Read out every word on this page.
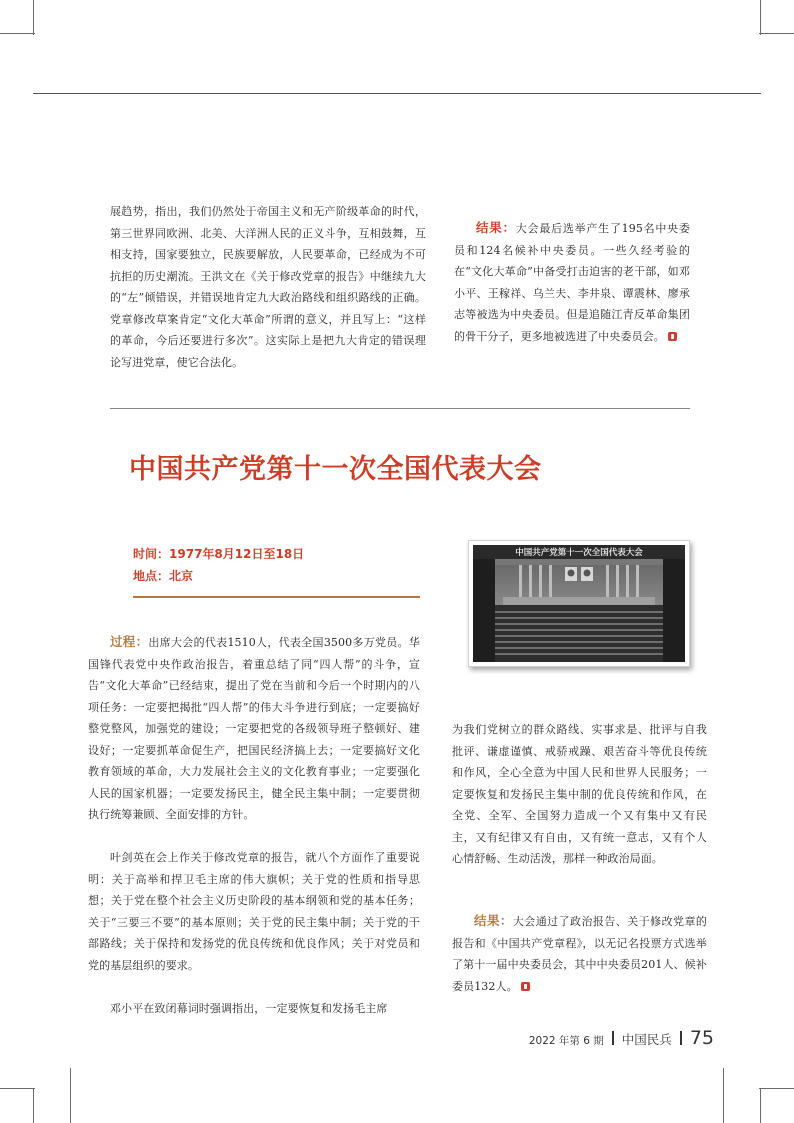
展趋势，指出，我们仍然处于帝国主义和无产阶级革命的时代，第三世界同欧洲、北美、大洋洲人民的正义斗争，互相鼓舞，互相支持，国家要独立，民族要解放，人民要革命，已经成为不可抗拒的历史潮流。王洪文在《关于修改党章的报告》中继续九大的“左”倾错误，并错误地肯定九大政治路线和组织路线的正确。党章修改草案肯定“文化大革命”所谓的意义，并且写上：“这样的革命，今后还要进行多次”。这实际上是把九大肯定的错误理论写进党章，使它合法化。

结果：大会最后选举产生了195名中央委员和124名候补中央委员。一些久经考验的在“文化大革命”中备受打击迫害的老干部，如邓小平、王稼祥、乌兰夫、李井泉、谭震林、廖承志等被选为中央委员。但是追随江青反革命集团的骨干分子，更多地被选进了中央委员会。

中国共产党第十一次全国代表大会
时间：1977年8月12日至18日
地点：北京
中国共产党第十一次全国代表大会

过程：出席大会的代表1510人，代表全国3500多万党员。华国锋代表党中央作政治报告，着重总结了同“四人帮”的斗争，宣告“文化大革命”已经结束，提出了党在当前和今后一个时期内的八项任务：一定要把揭批“四人帮”的伟大斗争进行到底；一定要搞好整党整风，加强党的建设；一定要把党的各级领导班子整顿好、建设好；一定要抓革命促生产，把国民经济搞上去；一定要搞好文化教育领域的革命，大力发展社会主义的文化教育事业；一定要强化人民的国家机器；一定要发扬民主，健全民主集中制；一定要贯彻执行统筹兼顾、全面安排的方针。

叶剑英在会上作关于修改党章的报告，就八个方面作了重要说明：关于高举和捍卫毛主席的伟大旗帜；关于党的性质和指导思想；关于党在整个社会主义历史阶段的基本纲领和党的基本任务；关于“三要三不要”的基本原则；关于党的民主集中制；关于党的干部路线；关于保持和发扬党的优良传统和优良作风；关于对党员和党的基层组织的要求。

邓小平在致闭幕词时强调指出，一定要恢复和发扬毛主席

为我们党树立的群众路线、实事求是、批评与自我批评、谦虚谨慎、戒骄戒躁、艰苦奋斗等优良传统和作风，全心全意为中国人民和世界人民服务；一定要恢复和发扬民主集中制的优良传统和作风，在全党、全军、全国努力造成一个又有集中又有民主，又有纪律又有自由，又有统一意志，又有个人心情舒畅、生动活泼，那样一种政治局面。

结果：大会通过了政治报告、关于修改党章的报告和《中国共产党章程》，以无记名投票方式选举了第十一届中央委员会，其中中央委员201人、候补委员132人。

2022 年第 6 期 中国民兵 75
